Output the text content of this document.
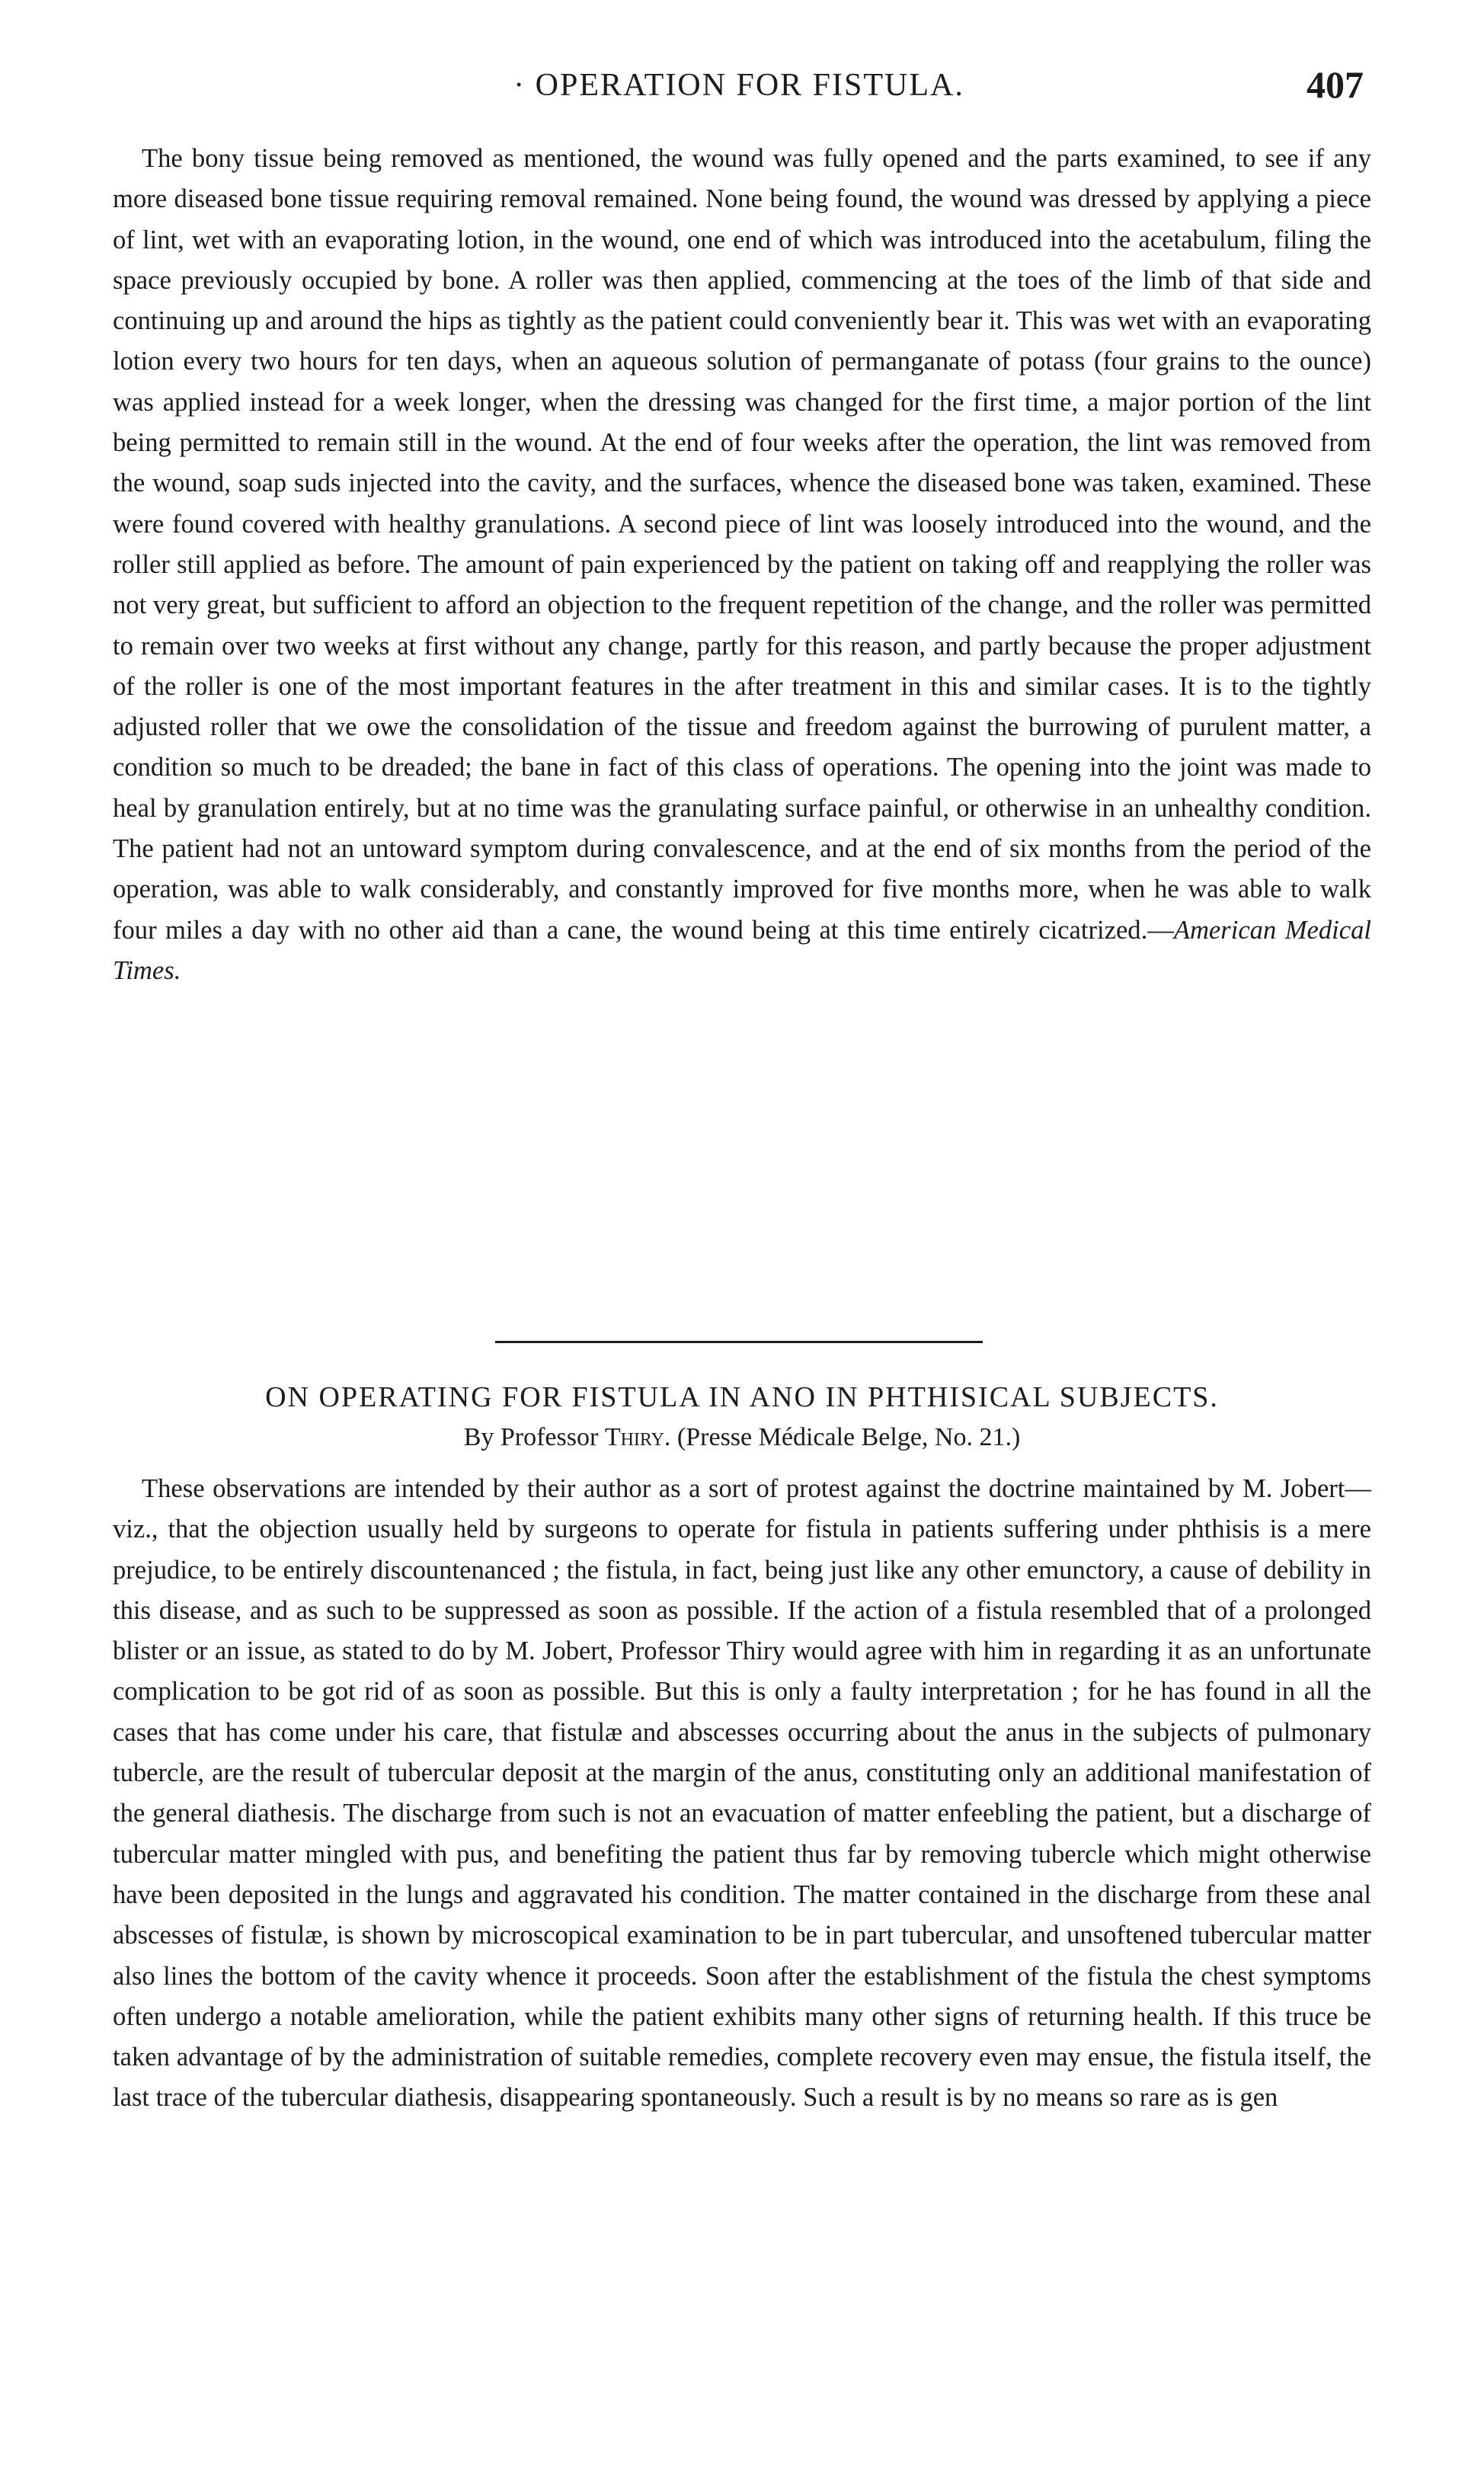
· OPERATION FOR FISTULA.	407

The bony tissue being removed as mentioned, the wound was fully opened and the parts examined, to see if any more diseased bone tissue requiring removal remained. None being found, the wound was dressed by applying a piece of lint, wet with an evaporating lotion, in the wound, one end of which was introduced into the acetabulum, filing the space previously occupied by bone. A roller was then applied, commencing at the toes of the limb of that side and continuing up and around the hips as tightly as the patient could conveniently bear it. This was wet with an evaporating lotion every two hours for ten days, when an aqueous solution of permanganate of potass (four grains to the ounce) was applied instead for a week longer, when the dressing was changed for the first time, a major portion of the lint being permitted to remain still in the wound. At the end of four weeks after the operation, the lint was removed from the wound, soap suds injected into the cavity, and the surfaces, whence the diseased bone was taken, examined. These were found covered with healthy granulations. A second piece of lint was loosely introduced into the wound, and the roller still applied as before. The amount of pain experienced by the patient on taking off and reapplying the roller was not very great, but sufficient to afford an objection to the frequent repetition of the change, and the roller was permitted to remain over two weeks at first without any change, partly for this reason, and partly because the proper adjustment of the roller is one of the most important features in the after treatment in this and similar cases. It is to the tightly adjusted roller that we owe the consolidation of the tissue and freedom against the burrowing of purulent matter, a condition so much to be dreaded; the bane in fact of this class of operations. The opening into the joint was made to heal by granulation entirely, but at no time was the granulating surface painful, or otherwise in an unhealthy condition. The patient had not an untoward symptom during convalescence, and at the end of six months from the period of the operation, was able to walk considerably, and constantly improved for five months more, when he was able to walk four miles a day with no other aid than a cane, the wound being at this time entirely cicatrized.—American Medical Times.

ON OPERATING FOR FISTULA IN ANO IN PHTHISICAL SUBJECTS.
By Professor Thiry. (Presse Médicale Belge, No. 21.)

These observations are intended by their author as a sort of protest against the doctrine maintained by M. Jobert—viz., that the objection usually held by surgeons to operate for fistula in patients suffering under phthisis is a mere prejudice, to be entirely discountenanced ; the fistula, in fact, being just like any other emunctory, a cause of debility in this disease, and as such to be suppressed as soon as possible. If the action of a fistula resembled that of a prolonged blister or an issue, as stated to do by M. Jobert, Professor Thiry would agree with him in regarding it as an unfortunate complication to be got rid of as soon as possible. But this is only a faulty interpretation ; for he has found in all the cases that has come under his care, that fistulæ and abscesses occurring about the anus in the subjects of pulmonary tubercle, are the result of tubercular deposit at the margin of the anus, constituting only an additional manifestation of the general diathesis. The discharge from such is not an evacuation of matter enfeebling the patient, but a discharge of tubercular matter mingled with pus, and benefiting the patient thus far by removing tubercle which might otherwise have been deposited in the lungs and aggravated his condition. The matter contained in the discharge from these anal abscesses of fistulæ, is shown by microscopical examination to be in part tubercular, and unsoftened tubercular matter also lines the bottom of the cavity whence it proceeds. Soon after the establishment of the fistula the chest symptoms often undergo a notable amelioration, while the patient exhibits many other signs of returning health. If this truce be taken advantage of by the administration of suitable remedies, complete recovery even may ensue, the fistula itself, the last trace of the tubercular diathesis, disappearing spontaneously. Such a result is by no means so rare as is gen
